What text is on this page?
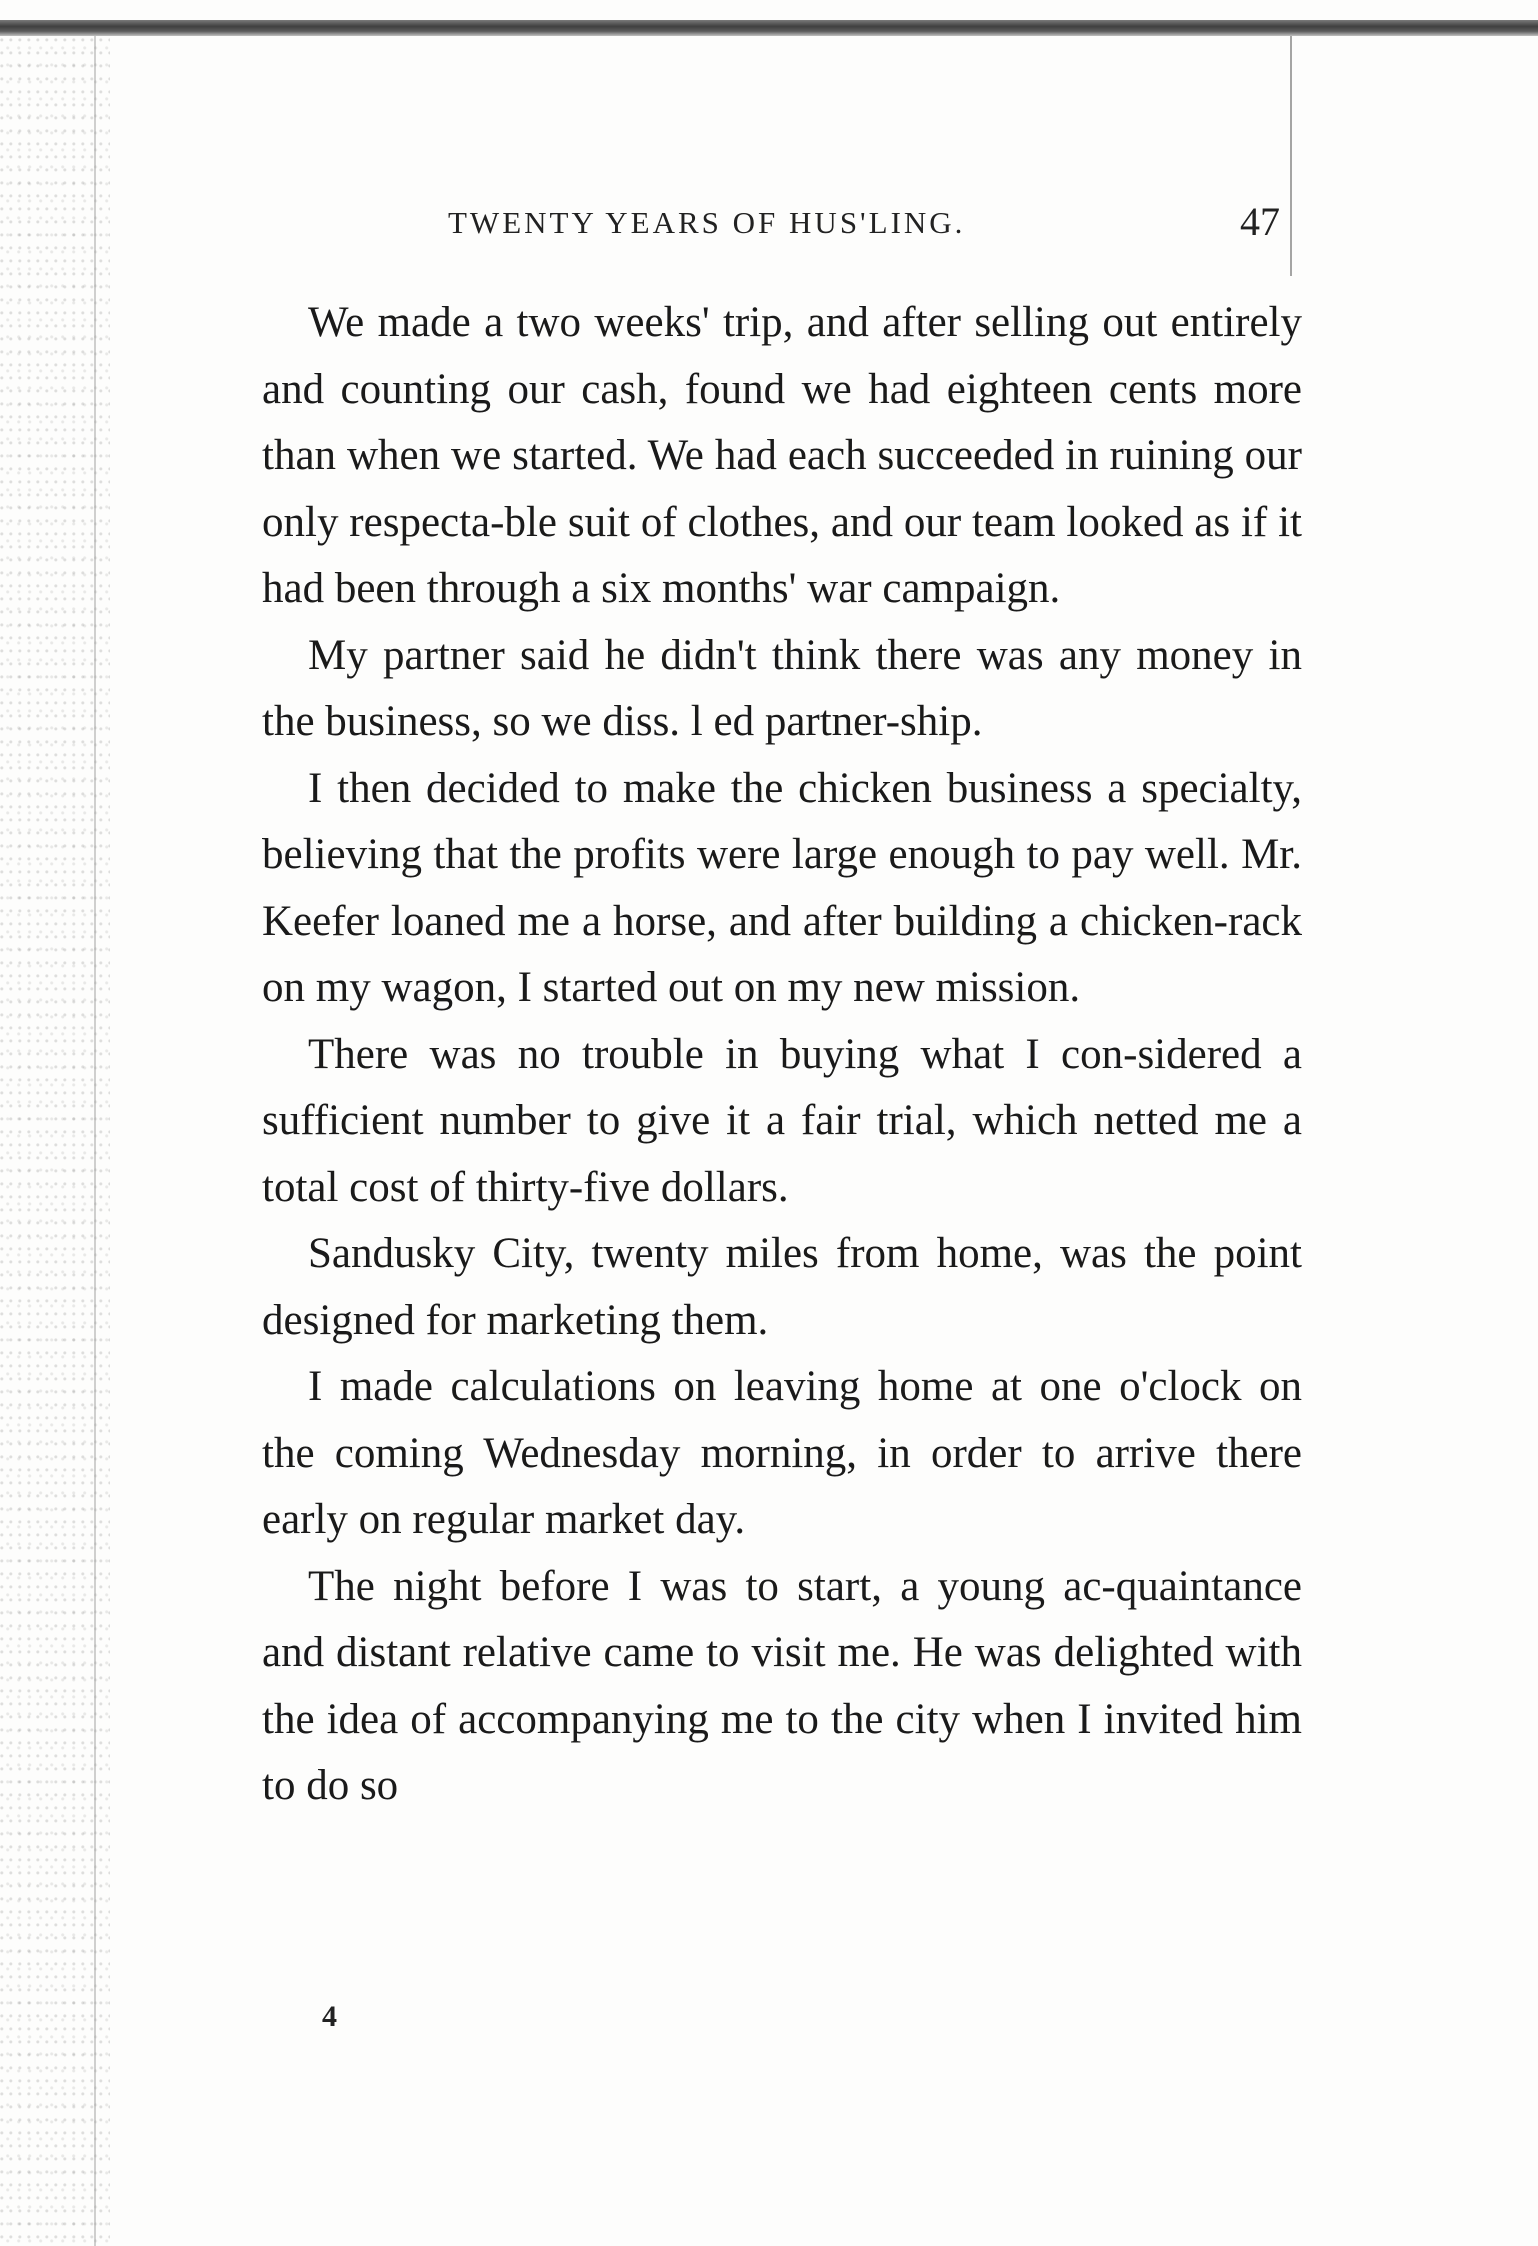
TWENTY YEARS OF HUS'LING.	47

We made a two weeks' trip, and after selling out entirely and counting our cash, found we had eighteen cents more than when we started. We had each succeeded in ruining our only respecta-ble suit of clothes, and our team looked as if it had been through a six months' war campaign.

My partner said he didn't think there was any money in the business, so we diss. l ed partner-ship.

I then decided to make the chicken business a specialty, believing that the profits were large enough to pay well. Mr. Keefer loaned me a horse, and after building a chicken-rack on my wagon, I started out on my new mission.

There was no trouble in buying what I con-sidered a sufficient number to give it a fair trial, which netted me a total cost of thirty-five dollars.

Sandusky City, twenty miles from home, was the point designed for marketing them.

I made calculations on leaving home at one o'clock on the coming Wednesday morning, in order to arrive there early on regular market day.

The night before I was to start, a young ac-quaintance and distant relative came to visit me. He was delighted with the idea of accompanying me to the city when I invited him to do so

4
